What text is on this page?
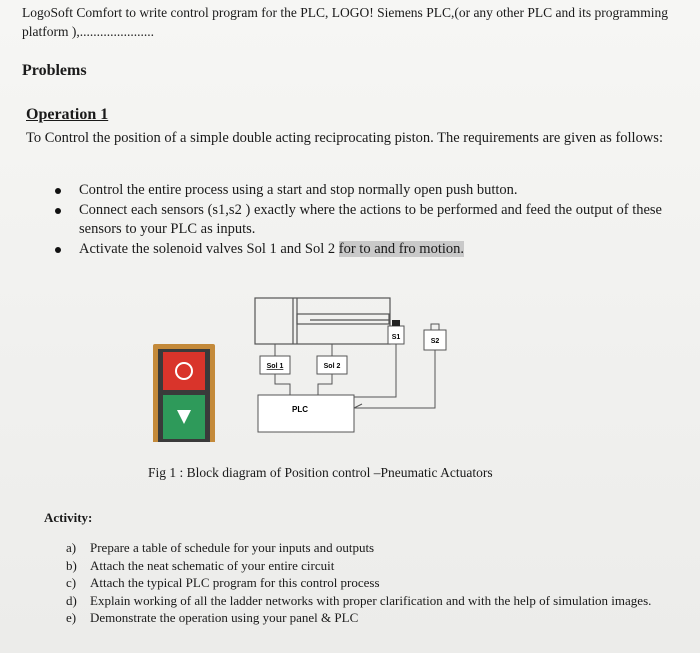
LogoSoft Comfort to write control program for the PLC, LOGO! Siemens PLC,(or any other PLC and its programming platform ),......................
Problems
Operation 1
To Control the position of a simple double acting reciprocating piston. The requirements are given as follows:
Control the entire process using a start and stop normally open push button.
Connect each sensors (s1,s2 ) exactly where the actions to be performed and feed the output of these sensors to your PLC as inputs.
Activate the solenoid valves Sol 1 and Sol 2 for to and fro motion.
S1
S2
Sol 1	Sol 2
PLC
Fig 1 : Block diagram of Position control –Pneumatic Actuators
Activity:
a) Prepare a table of schedule for your inputs and outputs
b) Attach the neat schematic of your entire circuit
c) Attach the typical PLC program for this control process
d) Explain working of all the ladder networks with proper clarification and with the help of simulation images.
e) Demonstrate the operation using your panel & PLC
